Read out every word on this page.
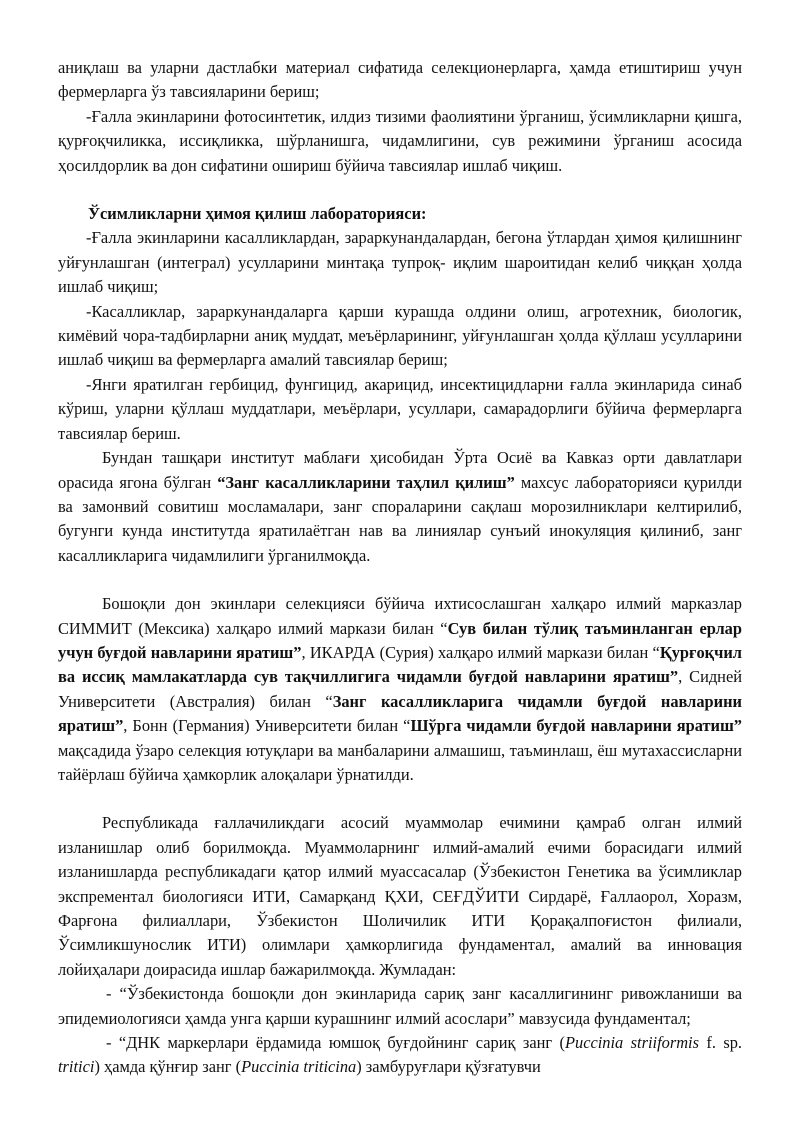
аниқлаш ва уларни дастлабки материал сифатида селекционерларга, ҳамда етиштириш учун фермерларга ўз тавсияларини бериш;

-Ғалла экинларини фотосинтетик, илдиз тизими фаолиятини ўрганиш, ўсимликларни қишга, қурғоқчиликка, иссиқликка, шўрланишга, чидамлигини, сув режимини ўрганиш асосида ҳосилдорлик ва дон сифатини ошириш бўйича тавсиялар ишлаб чиқиш.

Ўсимликларни ҳимоя қилиш лабораторияси:

-Ғалла экинларини касалликлардан, зараркунандалардан, бегона ўтлардан ҳимоя қилишнинг уйғунлашган (интеграл) усулларини минтақа тупроқ- иқлим шароитидан келиб чиққан ҳолда ишлаб чиқиш;

-Касалликлар, зараркунандаларга қарши курашда олдини олиш, агротехник, биологик, кимёвий чора-тадбирларни аниқ муддат, меъёрларининг, уйғунлашган ҳолда қўллаш усулларини ишлаб чиқиш ва фермерларга амалий тавсиялар бериш;

-Янги яратилган гербицид, фунгицид, акарицид, инсектицидларни ғалла экинларида синаб кўриш, уларни қўллаш муддатлари, меъёрлари, усуллари, самарадорлиги бўйича фермерларга тавсиялар бериш.

Бундан ташқари институт маблағи ҳисобидан Ўрта Осиё ва Кавказ орти давлатлари орасида ягона бўлган “Занг касалликларини таҳлил қилиш” махсус лабораторияси қурилди ва замонвий совитиш мосламалари, занг спораларини сақлаш морозилниклари келтирилиб, бугунги кунда институтда яратилаётган нав ва линиялар сунъий инокуляция қилиниб, занг касалликларига чидамлилиги ўрганилмоқда.

Бошоқли дон экинлари селекцияси бўйича ихтисослашган халқаро илмий марказлар СИММИТ (Мексика) халқаро илмий маркази билан “Сув билан тўлиқ таъминланган ерлар учун буғдой навларини яратиш”, ИКАРДА (Сурия) халқаро илмий маркази билан “Қурғоқчил ва иссиқ мамлакатларда сув тақчиллигига чидамли буғдой навларини яратиш”, Сидней Университети (Австралия) билан “Занг касалликларига чидамли буғдой навларини яратиш”, Бонн (Германия) Университети билан “Шўрга чидамли буғдой навларини яратиш” мақсадида ўзаро селекция ютуқлари ва манбаларини алмашиш, таъминлаш, ёш мутахассисларни тайёрлаш бўйича ҳамкорлик алоқалари ўрнатилди.

Республикада ғаллачиликдаги асосий муаммолар ечимини қамраб олган илмий изланишлар олиб борилмоқда. Муаммоларнинг илмий-амалий ечими борасидаги илмий изланишларда республикадаги қатор илмий муассасалар (Ўзбекистон Генетика ва ўсимликлар экспрементал биологияси ИТИ, Самарқанд ҚХИ, СЕҒДЎИТИ Сирдарё, Ғаллаорол, Хоразм, Фарғона филиаллари, Ўзбекистон Шоличилик ИТИ Қорақалпоғистон филиали, Ўсимликшунослик ИТИ) олимлари ҳамкорлигида фундаментал, амалий ва инновация лойиҳалари доирасида ишлар бажарилмоқда. Жумладан:

- “Ўзбекистонда бошоқли дон экинларида сариқ занг касаллигининг ривожланиши ва эпидемиологияси ҳамда унга қарши курашнинг илмий асослари” мавзусида фундаментал;

- “ДНК маркерлари ёрдамида юмшоқ буғдойнинг сариқ занг (Puccinia striiformis f. sp. tritici) ҳамда қўнғир занг (Puccinia triticina) замбуруғлари қўзғатувчи
